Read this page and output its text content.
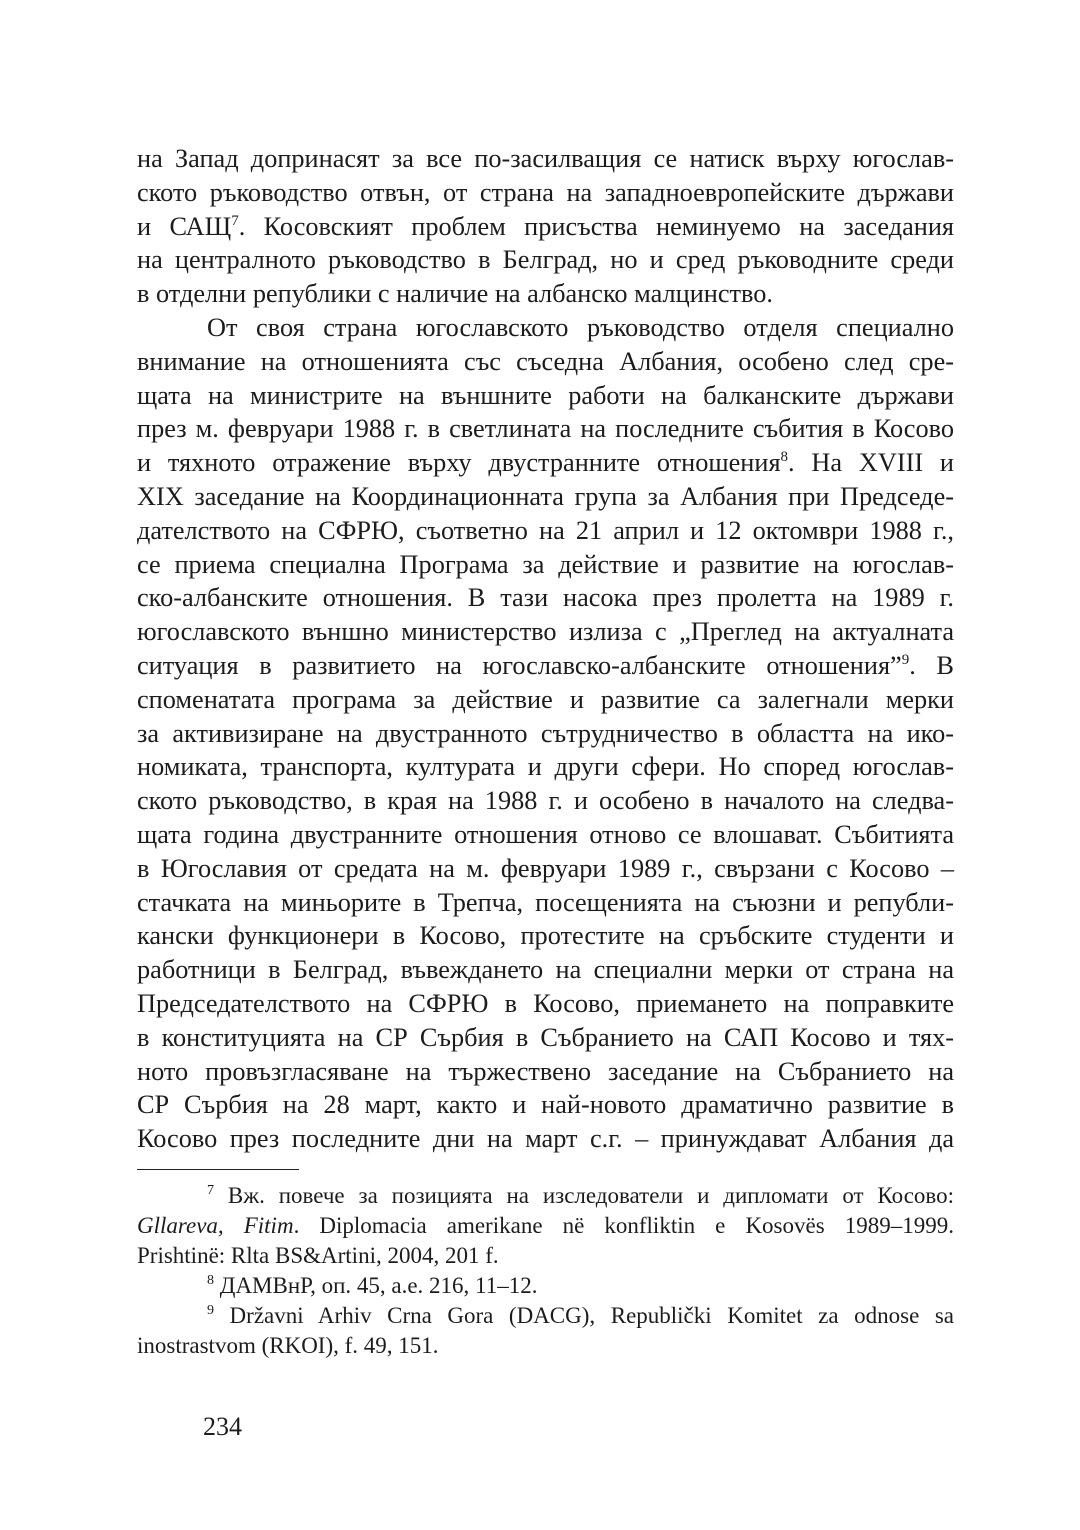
на Запад допринасят за все по-засилващия се натиск върху югослав-
ското ръководство отвън, от страна на западноевропейските държави
и САЩ$^7$. Косовският проблем присъства неминуемо на заседания
на централното ръководство в Белград, но и сред ръководните среди
в отделни републики с наличие на албанско малцинство.
От своя страна югославското ръководство отделя специално
внимание на отношенията със съседна Албания, особено след сре-
щата на министрите на външните работи на балканските държави
през м. февруари 1988 г. в светлината на последните събития в Косово
и тяхното отражение върху двустранните отношения$^8$. На XVIII и
XIX заседание на Координационната група за Албания при Председе-
дателството на СФРЮ, съответно на 21 април и 12 октомври 1988 г.,
се приема специална Програма за действие и развитие на югослав-
ско-албанските отношения. В тази насока през пролетта на 1989 г.
югославското външно министерство излиза с „Преглед на актуалната
ситуация в развитието на югославско-албанските отношения”$^9$. В
споменатата програма за действие и развитие са залегнали мерки
за активизиране на двустранното сътрудничество в областта на ико-
номиката, транспорта, културата и други сфери. Но според югослав-
ското ръководство, в края на 1988 г. и особено в началото на следва-
щата година двустранните отношения отново се влошават. Събитията
в Югославия от средата на м. февруари 1989 г., свързани с Косово –
стачката на миньорите в Трепча, посещенията на съюзни и републи-
кански функционери в Косово, протестите на сръбските студенти и
работници в Белград, въвеждането на специални мерки от страна на
Председателството на СФРЮ в Косово, приемането на поправките
в конституцията на СР Сърбия в Събранието на САП Косово и тях-
ното провъзгласяване на тържествено заседание на Събранието на
СР Сърбия на 28 март, както и най-новото драматично развитие в
Косово през последните дни на март с.г. – принуждават Албания да
$^7$ Вж. повече за позицията на изследователи и дипломати от Косово:
Gllareva, Fitim. Diplomacia amerikane në konfliktin e Kosovës 1989–1999.
Prishtinë: Rlta BS&Artini, 2004, 201 f.
$^8$ ДАМВнР, оп. 45, а.е. 216, 11–12.
$^9$ Državni Arhiv Crna Gora (DACG), Republički Komitet za odnose sa
inostrastvom (RKOI), f. 49, 151.
234
